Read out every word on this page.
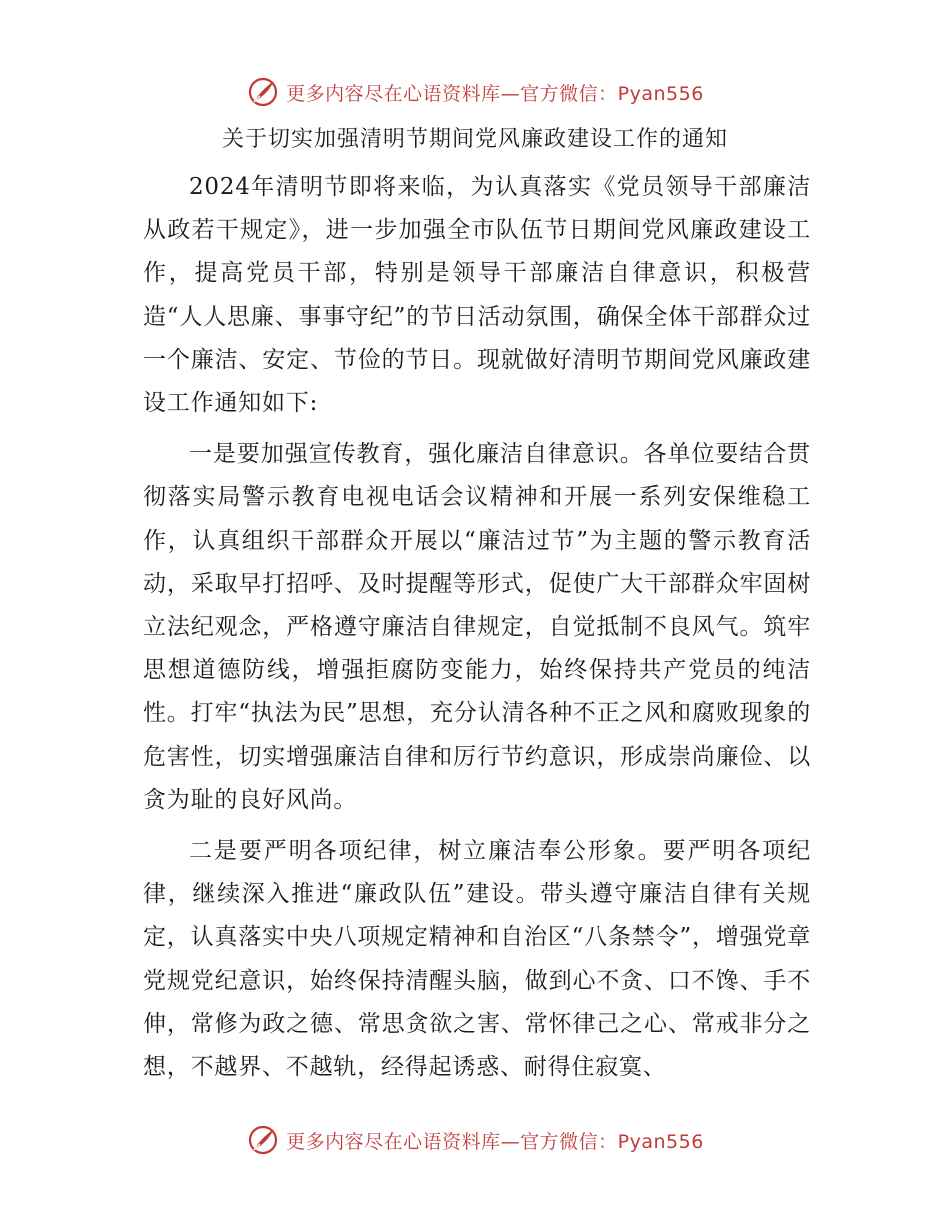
更多内容尽在心语资料库—官方微信：Pyan556
关于切实加强清明节期间党风廉政建设工作的通知

2024年清明节即将来临，为认真落实《党员领导干部廉洁从政若干规定》，进一步加强全市队伍节日期间党风廉政建设工作，提高党员干部，特别是领导干部廉洁自律意识，积极营造“人人思廉、事事守纪”的节日活动氛围，确保全体干部群众过一个廉洁、安定、节俭的节日。现就做好清明节期间党风廉政建设工作通知如下:

一是要加强宣传教育，强化廉洁自律意识。各单位要结合贯彻落实局警示教育电视电话会议精神和开展一系列安保维稳工作，认真组织干部群众开展以“廉洁过节”为主题的警示教育活动，采取早打招呼、及时提醒等形式，促使广大干部群众牢固树立法纪观念，严格遵守廉洁自律规定，自觉抵制不良风气。筑牢思想道德防线，增强拒腐防变能力，始终保持共产党员的纯洁性。打牢“执法为民”思想，充分认清各种不正之风和腐败现象的危害性，切实增强廉洁自律和厉行节约意识，形成崇尚廉俭、以贪为耻的良好风尚。

二是要严明各项纪律，树立廉洁奉公形象。要严明各项纪律，继续深入推进“廉政队伍”建设。带头遵守廉洁自律有关规定，认真落实中央八项规定精神和自治区“八条禁令”，增强党章党规党纪意识，始终保持清醒头脑，做到心不贪、口不馋、手不伸，常修为政之德、常思贪欲之害、常怀律己之心、常戒非分之想，不越界、不越轨，经得起诱惑、耐得住寂寞、

更多内容尽在心语资料库—官方微信：Pyan556
